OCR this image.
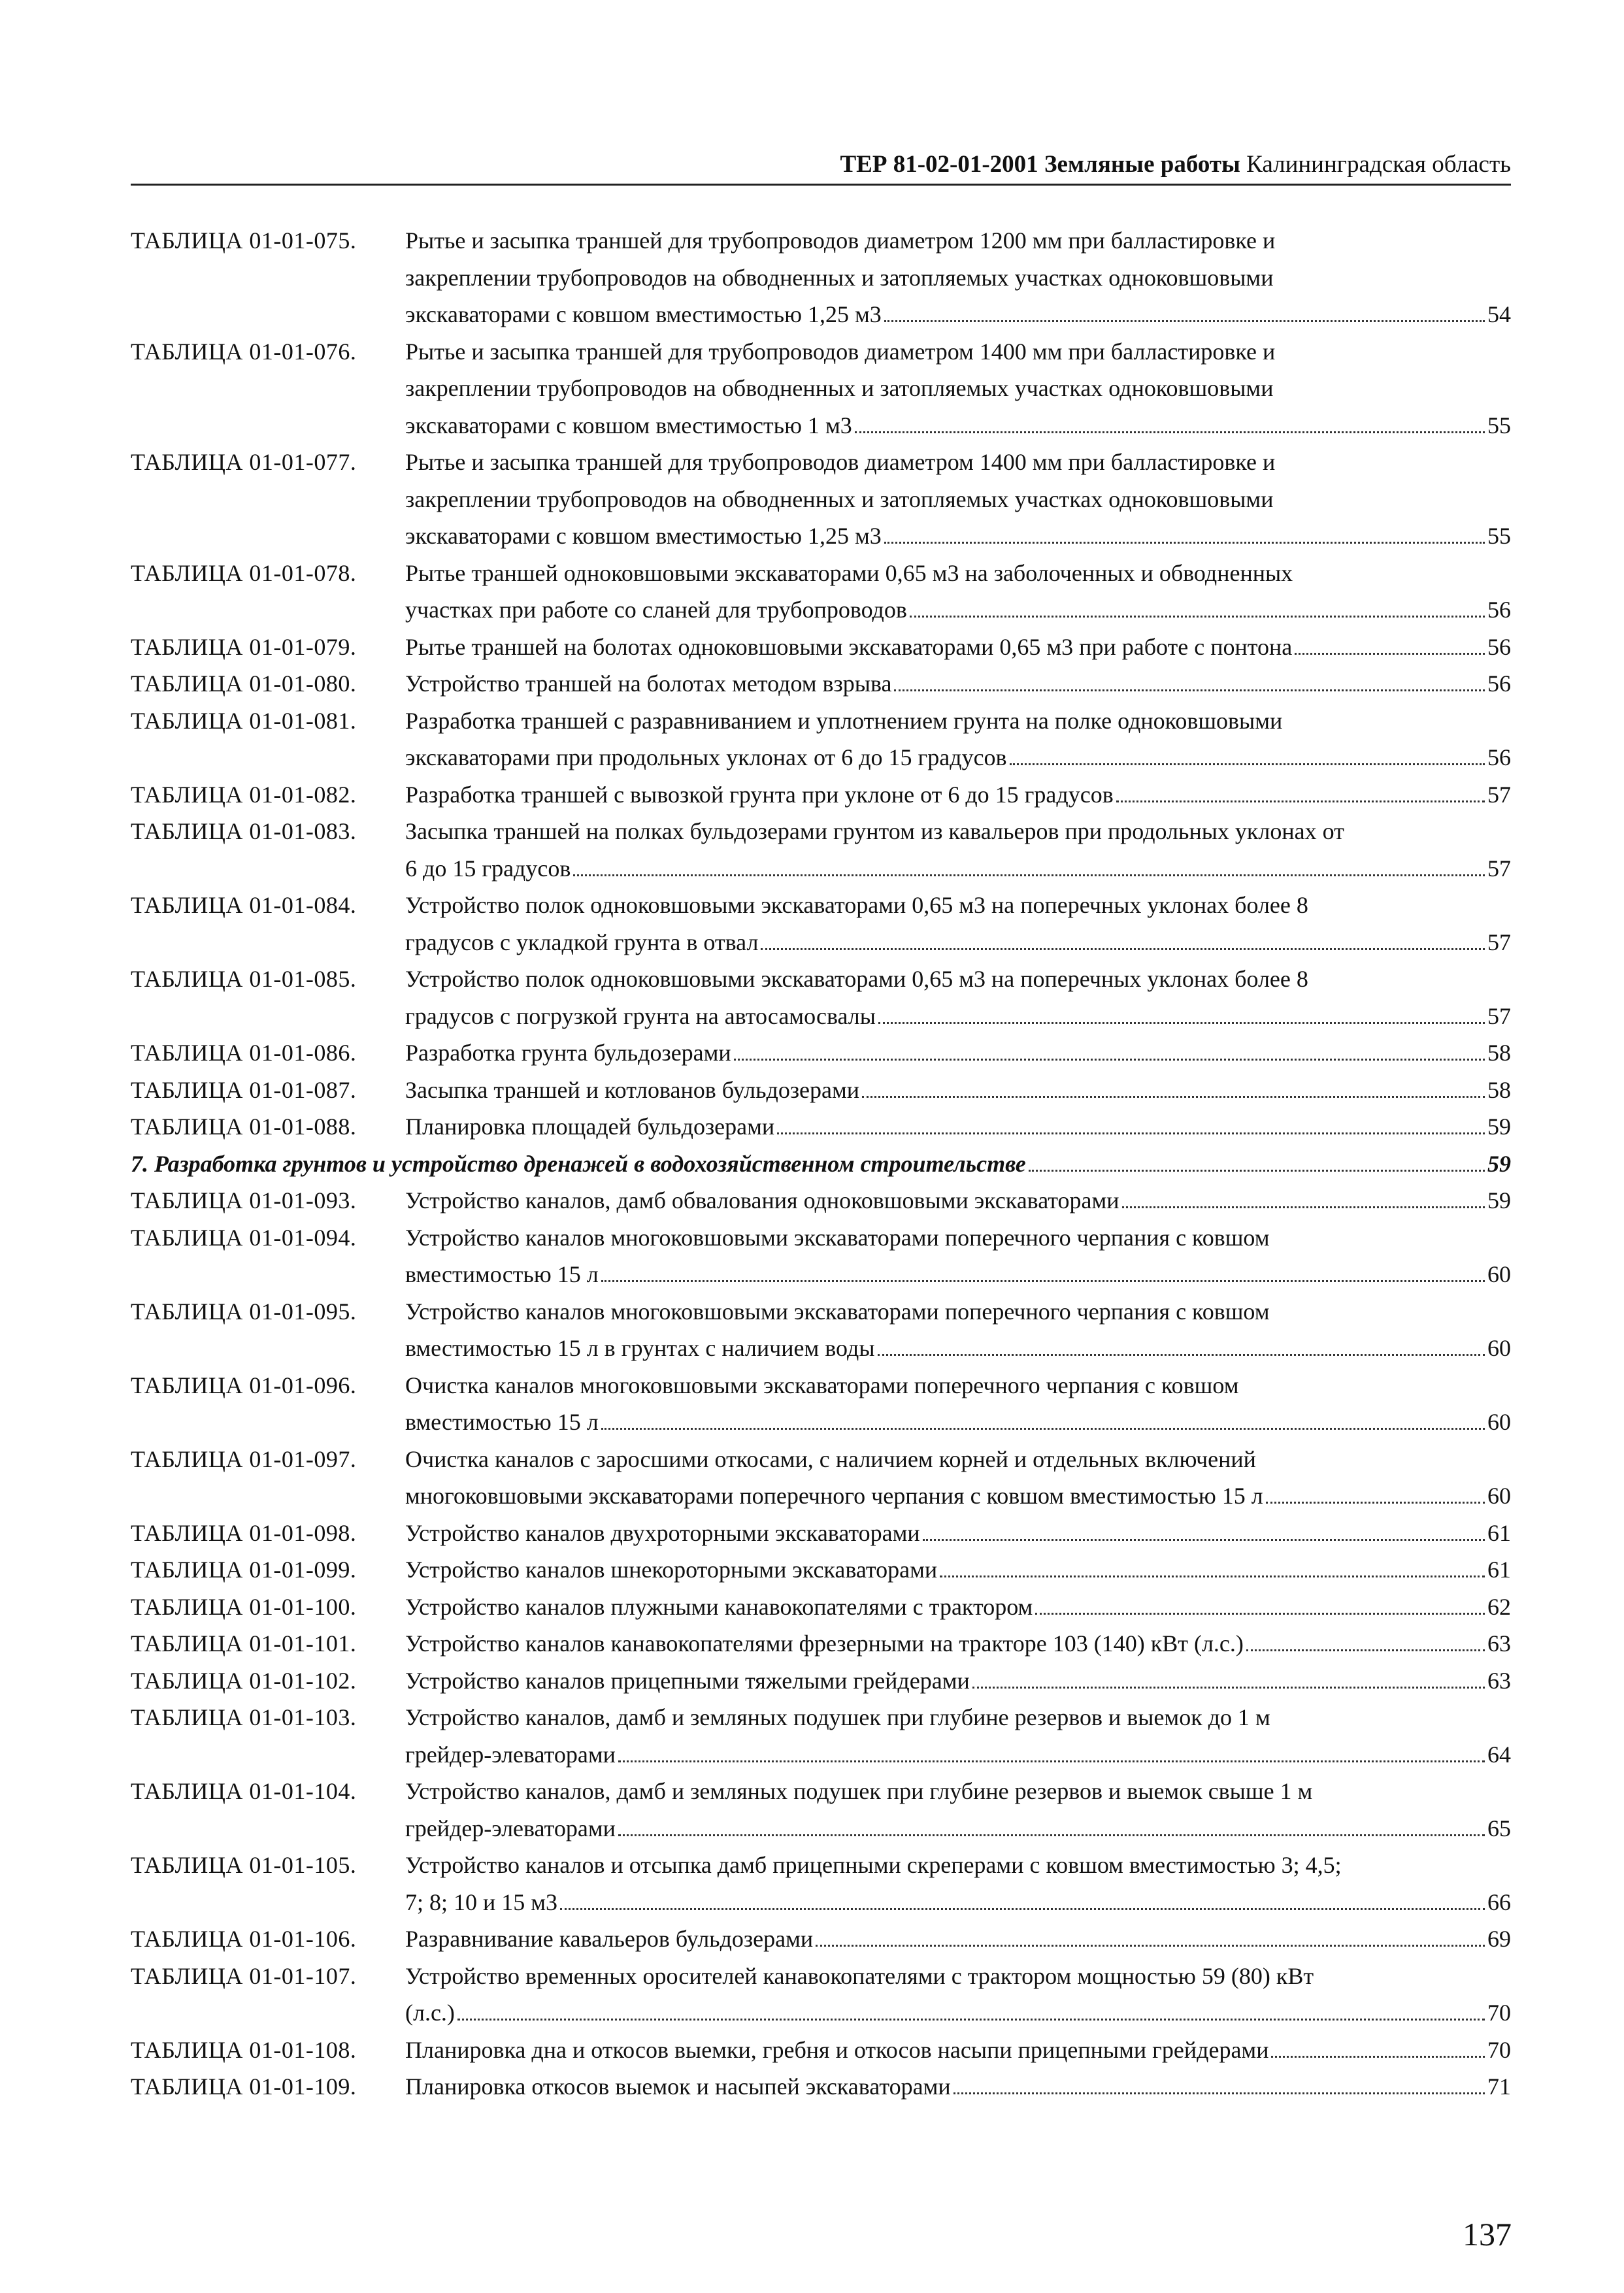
ТЕР 81-02-01-2001 Земляные работы Калининградская область
ТАБЛИЦА 01-01-075.	Рытье и засыпка траншей для трубопроводов диаметром 1200 мм при балластировке и
закреплении трубопроводов на обводненных и затопляемых участках одноковшовыми
экскаваторами с ковшом вместимостью 1,25 м3	54
ТАБЛИЦА 01-01-076.	Рытье и засыпка траншей для трубопроводов диаметром 1400 мм при балластировке и
закреплении трубопроводов на обводненных и затопляемых участках одноковшовыми
экскаваторами с ковшом вместимостью 1 м3	55
ТАБЛИЦА 01-01-077.	Рытье и засыпка траншей для трубопроводов диаметром 1400 мм при балластировке и
закреплении трубопроводов на обводненных и затопляемых участках одноковшовыми
экскаваторами с ковшом вместимостью 1,25 м3	55
ТАБЛИЦА 01-01-078.	Рытье траншей одноковшовыми экскаваторами 0,65 м3 на заболоченных и обводненных
участках при работе со сланей для трубопроводов	56
ТАБЛИЦА 01-01-079.	Рытье траншей на болотах одноковшовыми экскаваторами 0,65 м3 при работе с понтона	56
ТАБЛИЦА 01-01-080.	Устройство траншей на болотах методом взрыва	56
ТАБЛИЦА 01-01-081.	Разработка траншей с разравниванием и уплотнением грунта на полке одноковшовыми
экскаваторами при продольных уклонах от 6 до 15 градусов	56
ТАБЛИЦА 01-01-082.	Разработка траншей с вывозкой грунта при уклоне от 6 до 15 градусов	57
ТАБЛИЦА 01-01-083.	Засыпка траншей на полках бульдозерами грунтом из кавальеров при продольных уклонах от
6 до 15 градусов	57
ТАБЛИЦА 01-01-084.	Устройство полок одноковшовыми экскаваторами 0,65 м3 на поперечных уклонах более 8
градусов с укладкой грунта в отвал	57
ТАБЛИЦА 01-01-085.	Устройство полок одноковшовыми экскаваторами 0,65 м3 на поперечных уклонах более 8
градусов с погрузкой грунта на автосамосвалы	57
ТАБЛИЦА 01-01-086.	Разработка грунта бульдозерами	58
ТАБЛИЦА 01-01-087.	Засыпка траншей и котлованов бульдозерами	58
ТАБЛИЦА 01-01-088.	Планировка площадей бульдозерами	59
7. Разработка грунтов и устройство дренажей в водохозяйственном строительстве	59
ТАБЛИЦА 01-01-093.	Устройство каналов, дамб обвалования одноковшовыми экскаваторами	59
ТАБЛИЦА 01-01-094.	Устройство каналов многоковшовыми экскаваторами поперечного черпания с ковшом
вместимостью 15 л	60
ТАБЛИЦА 01-01-095.	Устройство каналов многоковшовыми экскаваторами поперечного черпания с ковшом
вместимостью 15 л в грунтах с наличием воды	60
ТАБЛИЦА 01-01-096.	Очистка каналов многоковшовыми экскаваторами поперечного черпания с ковшом
вместимостью 15 л	60
ТАБЛИЦА 01-01-097.	Очистка каналов с заросшими откосами, с наличием корней и отдельных включений
многоковшовыми экскаваторами поперечного черпания с ковшом вместимостью 15 л	60
ТАБЛИЦА 01-01-098.	Устройство каналов двухроторными экскаваторами	61
ТАБЛИЦА 01-01-099.	Устройство каналов шнекороторными экскаваторами	61
ТАБЛИЦА 01-01-100.	Устройство каналов плужными канавокопателями с трактором	62
ТАБЛИЦА 01-01-101.	Устройство каналов канавокопателями фрезерными на тракторе 103 (140) кВт (л.с.)	63
ТАБЛИЦА 01-01-102.	Устройство каналов прицепными тяжелыми грейдерами	63
ТАБЛИЦА 01-01-103.	Устройство каналов, дамб и земляных подушек при глубине резервов и выемок до 1 м
грейдер-элеваторами	64
ТАБЛИЦА 01-01-104.	Устройство каналов, дамб и земляных подушек при глубине резервов и выемок свыше 1 м
грейдер-элеваторами	65
ТАБЛИЦА 01-01-105.	Устройство каналов и отсыпка дамб прицепными скреперами с ковшом вместимостью 3; 4,5;
7; 8; 10 и 15 м3	66
ТАБЛИЦА 01-01-106.	Разравнивание кавальеров бульдозерами	69
ТАБЛИЦА 01-01-107.	Устройство временных оросителей канавокопателями с трактором мощностью 59 (80) кВт
(л.с.)	70
ТАБЛИЦА 01-01-108.	Планировка дна и откосов выемки, гребня и откосов насыпи прицепными грейдерами	70
ТАБЛИЦА 01-01-109.	Планировка откосов выемок и насыпей экскаваторами	71
137
